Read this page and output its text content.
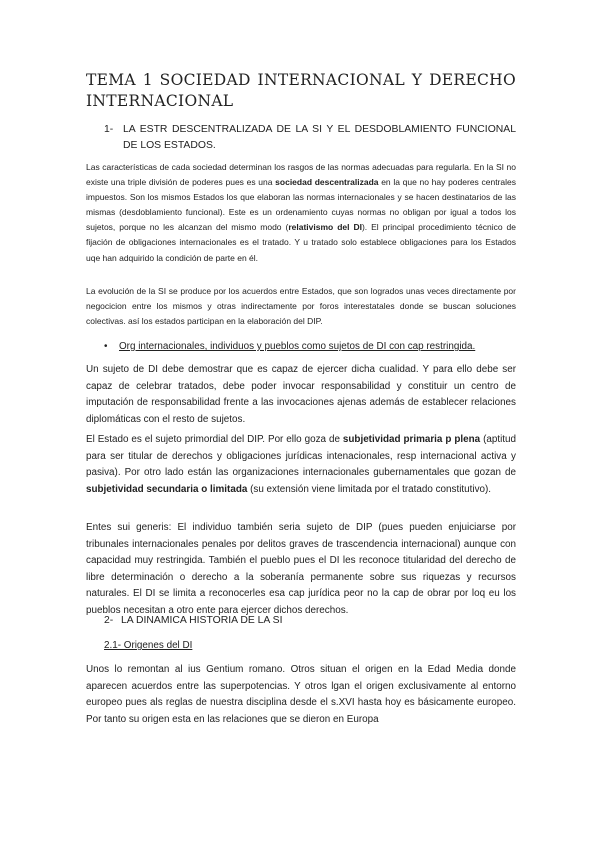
TEMA 1 SOCIEDAD INTERNACIONAL Y DERECHO INTERNACIONAL
1- LA ESTR DESCENTRALIZADA DE LA SI Y EL DESDOBLAMIENTO FUNCIONAL DE LOS ESTADOS.
Las características de cada sociedad determinan los rasgos de las normas adecuadas para regularla. En la SI no existe una triple división de poderes pues es una sociedad descentralizada en la que no hay poderes centrales impuestos. Son los mismos Estados los que elaboran las normas internacionales y se hacen destinatarios de las mismas (desdoblamiento funcional). Este es un ordenamiento cuyas normas no obligan por igual a todos los sujetos, porque no les alcanzan del mismo modo (relativismo del DI). El principal procedimiento técnico de fijación de obligaciones internacionales es el tratado. Y u tratado solo establece obligaciones para los Estados uqe han adquirido la condición de parte en él.
La evolución de la SI se produce por los acuerdos entre Estados, que son logrados unas veces directamente por negocicion entre los mismos y otras indirectamente por foros interestatales donde se buscan soluciones colectivas. así los estados participan en la elaboración del DIP.
• Org internacionales, individuos y pueblos como sujetos de DI con cap restringida.
Un sujeto de DI debe demostrar que es capaz de ejercer dicha cualidad. Y para ello debe ser capaz de celebrar tratados, debe poder invocar responsabilidad y constituir un centro de imputación de responsabilidad frente a las invocaciones ajenas además de establecer relaciones diplomáticas con el resto de sujetos.
El Estado es el sujeto primordial del DIP. Por ello goza de subjetividad primaria p plena (aptitud para ser titular de derechos y obligaciones jurídicas intenacionales, resp internacional activa y pasiva). Por otro lado están las organizaciones internacionales gubernamentales que gozan de subjetividad secundaria o limitada (su extensión viene limitada por el tratado constitutivo).
Entes sui generis: El individuo también seria sujeto de DIP (pues pueden enjuiciarse por tribunales internacionales penales por delitos graves de trascendencia internacional) aunque con capacidad muy restringida. También el pueblo pues el DI les reconoce titularidad del derecho de libre determinación o derecho a la soberanía permanente sobre sus riquezas y recursos naturales. El DI se limita a reconocerles esa cap jurídica peor no la cap de obrar por loq eu los pueblos necesitan a otro ente para ejercer dichos derechos.
2- LA DINAMICA HISTORIA DE LA SI
2.1- Origenes del DI
Unos lo remontan al ius Gentium romano. Otros situan el origen en la Edad Media donde aparecen acuerdos entre las superpotencias. Y otros lgan el origen exclusivamente al entorno europeo pues als reglas de nuestra disciplina desde el s.XVI hasta hoy es básicamente europeo. Por tanto su origen esta en las relaciones que se dieron en Europa
